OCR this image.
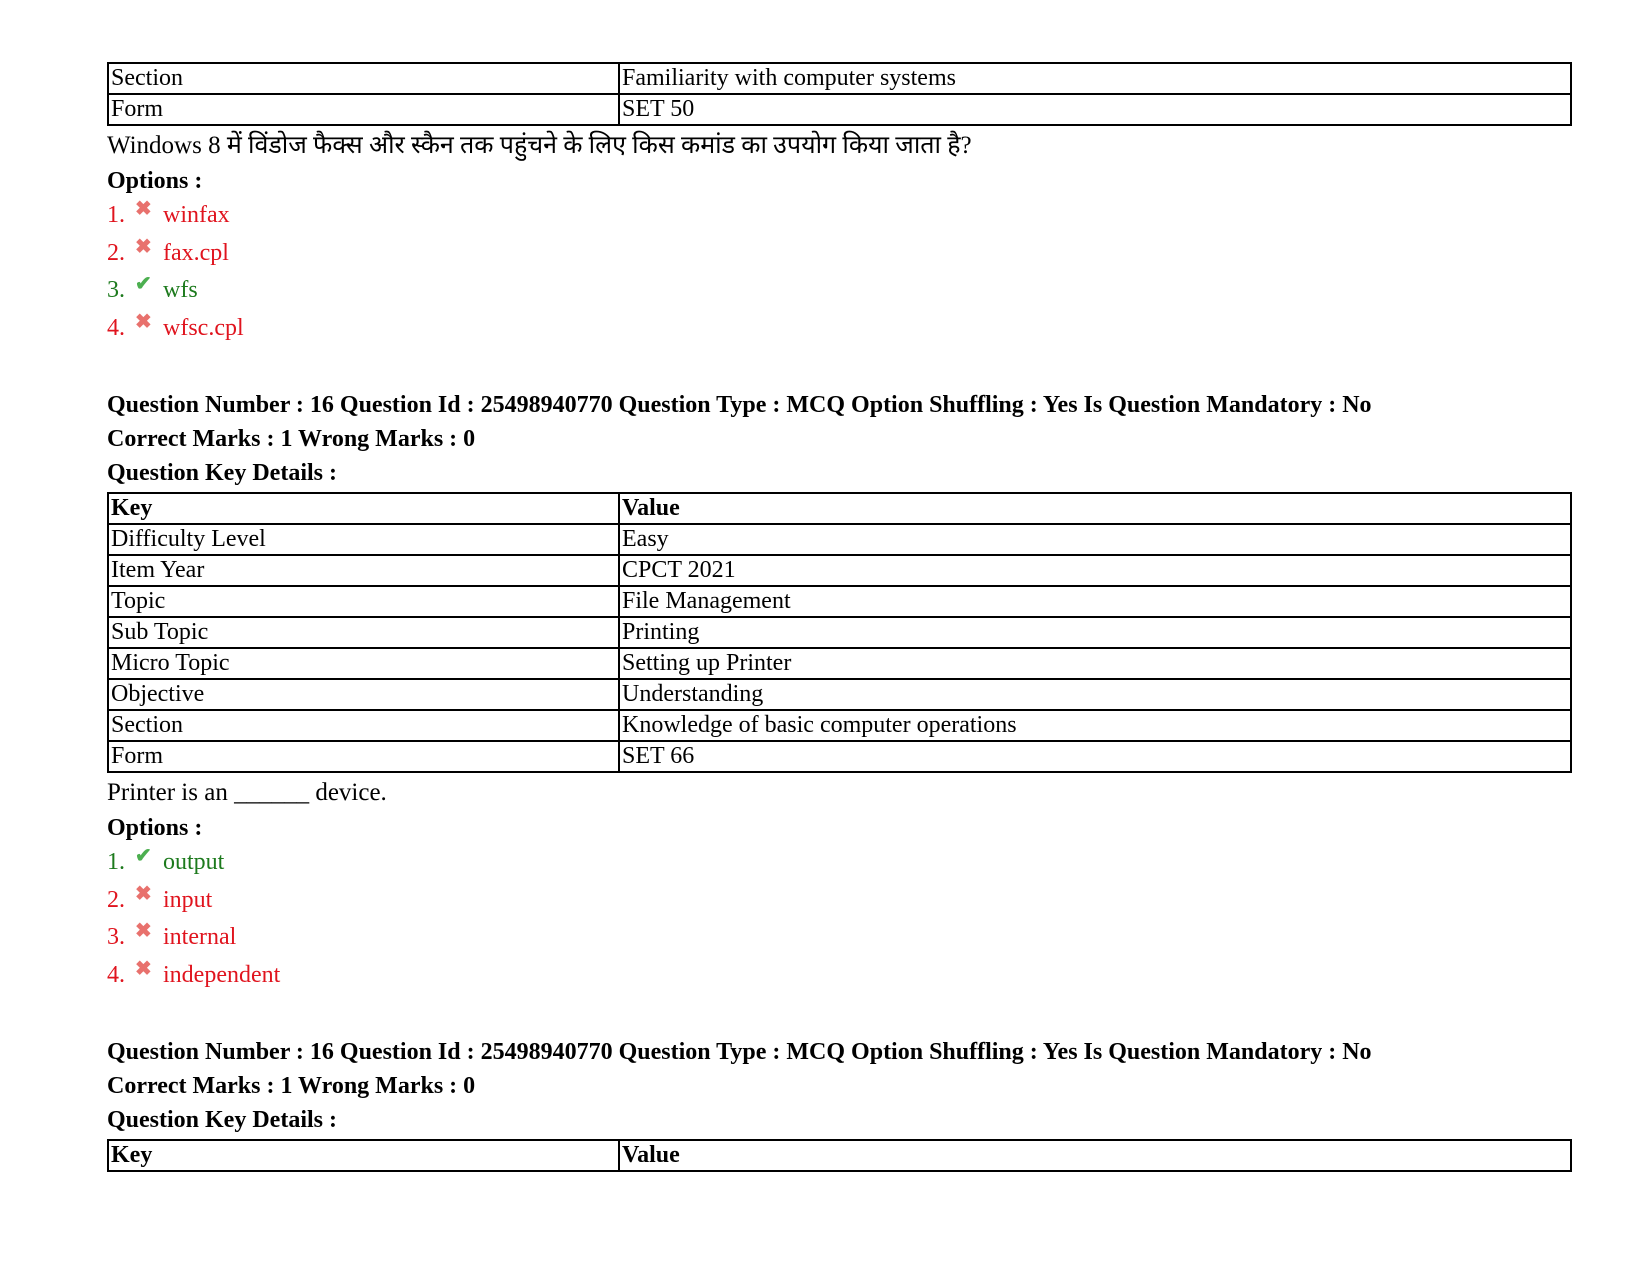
Section	Familiarity with computer systems
Form	SET 50
Windows 8 में विंडोज फैक्स और स्कैन तक पहुंचने के लिए किस कमांड का उपयोग किया जाता है?
Options :
1. ✖ winfax
2. ✖ fax.cpl
3. ✔ wfs
4. ✖ wfsc.cpl
Question Number : 16 Question Id : 25498940770 Question Type : MCQ Option Shuffling : Yes Is Question Mandatory : No
Correct Marks : 1 Wrong Marks : 0
Question Key Details :
Key	Value
Difficulty Level	Easy
Item Year	CPCT 2021
Topic	File Management
Sub Topic	Printing
Micro Topic	Setting up Printer
Objective	Understanding
Section	Knowledge of basic computer operations
Form	SET 66
Printer is an ______ device.
Options :
1. ✔ output
2. ✖ input
3. ✖ internal
4. ✖ independent
Question Number : 16 Question Id : 25498940770 Question Type : MCQ Option Shuffling : Yes Is Question Mandatory : No
Correct Marks : 1 Wrong Marks : 0
Question Key Details :
Key	Value
